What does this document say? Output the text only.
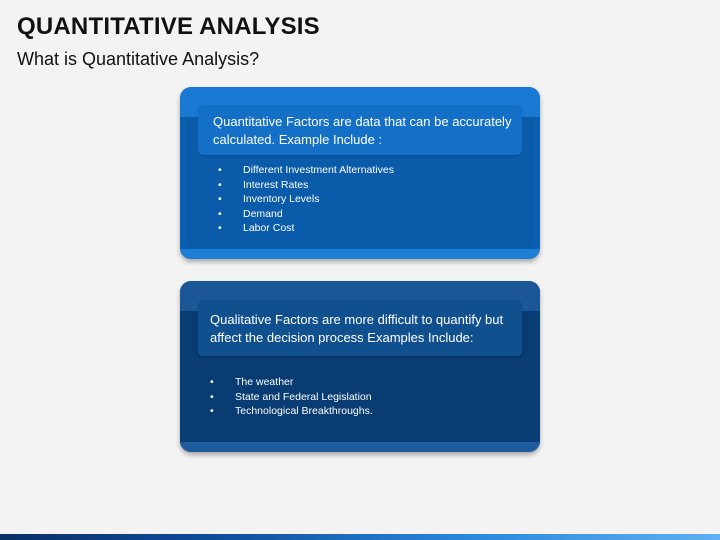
QUANTITATIVE ANALYSIS
What is Quantitative Analysis?
Quantitative Factors are data that can be accurately calculated. Example Include :
• Different Investment Alternatives
• Interest Rates
• Inventory Levels
• Demand
• Labor Cost
Qualitative Factors are more difficult to quantify but affect the decision process Examples Include:
• The weather
• State and Federal Legislation
• Technological Breakthroughs.
